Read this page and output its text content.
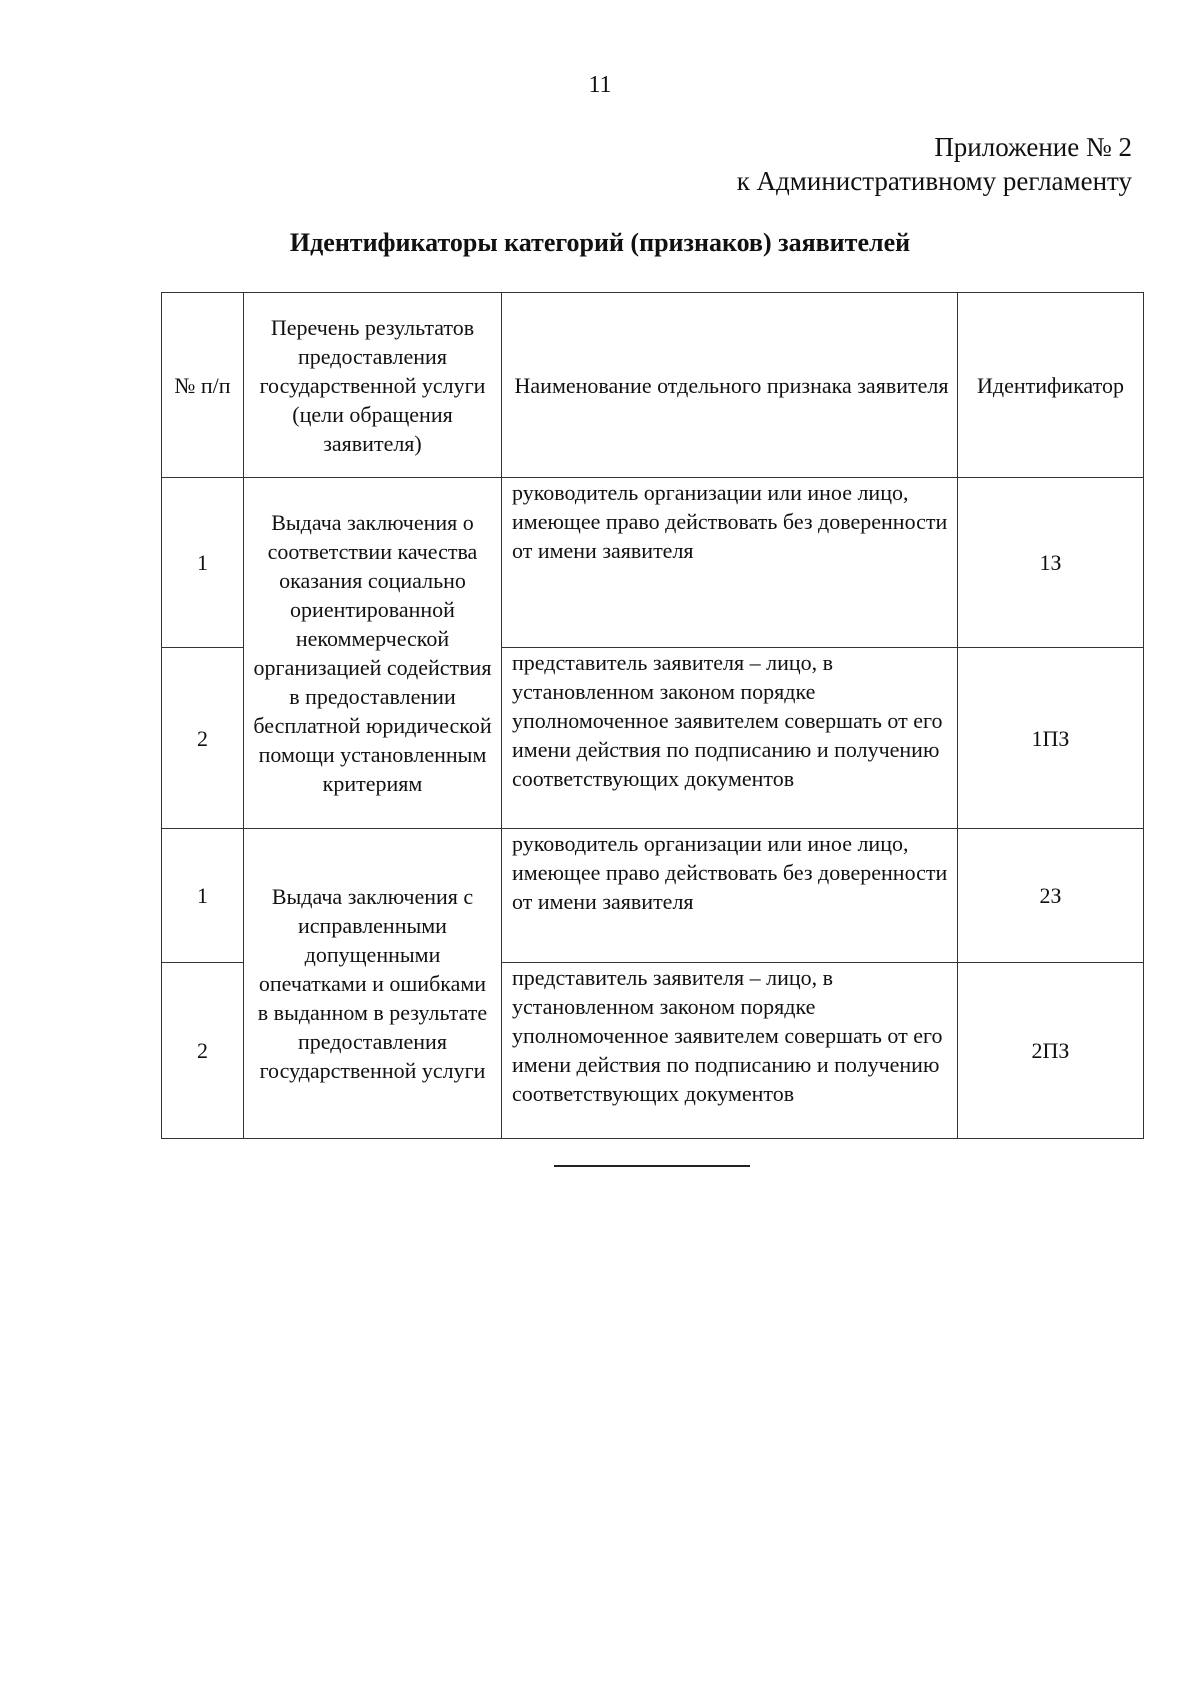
11
Приложение № 2
к Административному регламенту
Идентификаторы категорий (признаков) заявителей
№ п/п	Перечень результатов предоставления государственной услуги (цели обращения заявителя)	Наименование отдельного признака заявителя	Идентификатор
1	Выдача заключения о соответствии качества оказания социально ориентированной некоммерческой организацией содействия в предоставлении бесплатной юридической помощи установленным критериям	руководитель организации или иное лицо, имеющее право действовать без доверенности от имени заявителя	1З
2		представитель заявителя – лицо, в установленном законом порядке уполномоченное заявителем совершать от его имени действия по подписанию и получению соответствующих документов	1ПЗ
1	Выдача заключения с исправленными допущенными опечатками и ошибками в выданном в результате предоставления государственной услуги	руководитель организации или иное лицо, имеющее право действовать без доверенности от имени заявителя	2З
2		представитель заявителя – лицо, в установленном законом порядке уполномоченное заявителем совершать от его имени действия по подписанию и получению соответствующих документов	2ПЗ
